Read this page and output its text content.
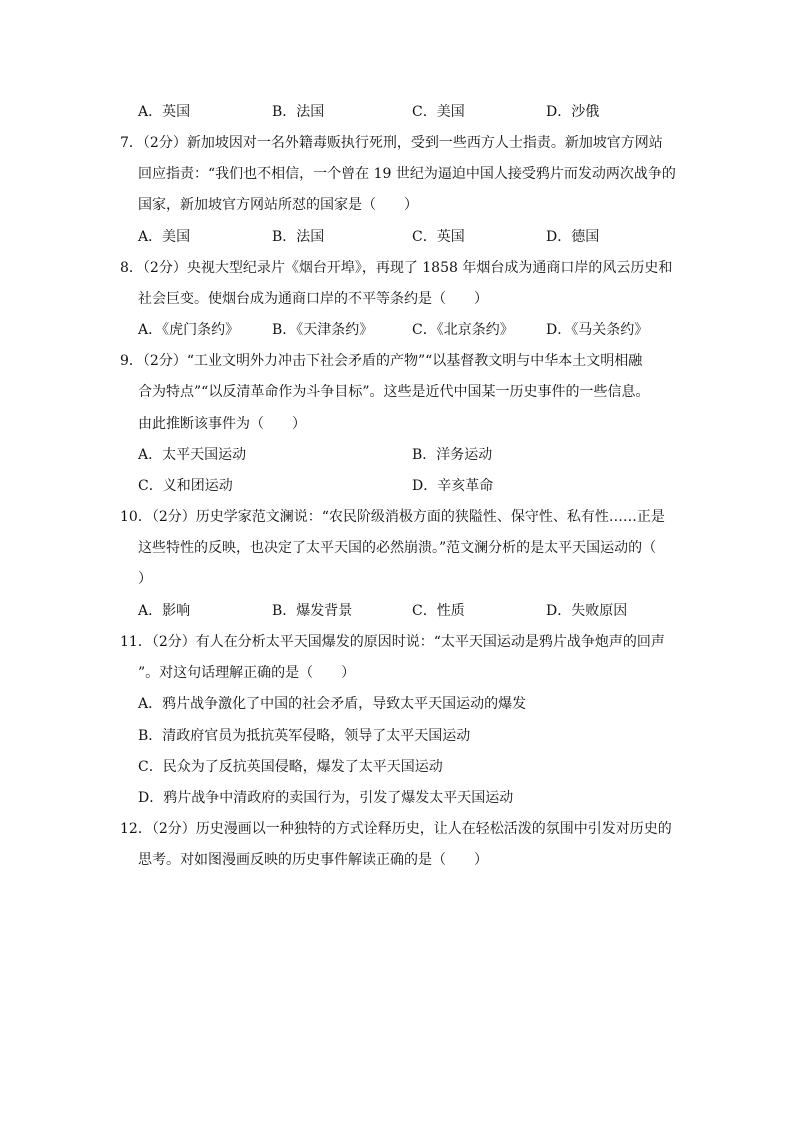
A．英国	B．法国	C．美国	D．沙俄
7．（2分）新加坡因对一名外籍毒贩执行死刑，受到一些西方人士指责。新加坡官方网站
回应指责：“我们也不相信，一个曾在 19 世纪为逼迫中国人接受鸦片而发动两次战争的
国家，新加坡官方网站所怼的国家是（　　）
A．美国	B．法国	C．英国	D．德国
8．（2分）央视大型纪录片《烟台开埠》，再现了 1858 年烟台成为通商口岸的风云历史和
社会巨变。使烟台成为通商口岸的不平等条约是（　　）
A．《虎门条约》 B．《天津条约》	C．《北京条约》 D．《马关条约》
9．（2分）“工业文明外力冲击下社会矛盾的产物”“以基督教文明与中华本土文明相融
合为特点”“以反清革命作为斗争目标”。这些是近代中国某一历史事件的一些信息。
由此推断该事件为（　　）
A．太平天国运动	B．洋务运动
C．义和团运动	D．辛亥革命
10．（2分）历史学家范文澜说：“农民阶级消极方面的狭隘性、保守性、私有性……正是
这些特性的反映，也决定了太平天国的必然崩溃。”范文澜分析的是太平天国运动的（
）
A．影响	B．爆发背景	C．性质	D．失败原因
11．（2分）有人在分析太平天国爆发的原因时说：“太平天国运动是鸦片战争炮声的回声
”。对这句话理解正确的是（　　）
A．鸦片战争激化了中国的社会矛盾，导致太平天国运动的爆发
B．清政府官员为抵抗英军侵略，领导了太平天国运动
C．民众为了反抗英国侵略，爆发了太平天国运动
D．鸦片战争中清政府的卖国行为，引发了爆发太平天国运动
12．（2分）历史漫画以一种独特的方式诠释历史，让人在轻松活泼的氛围中引发对历史的
思考。对如图漫画反映的历史事件解读正确的是（　　）
